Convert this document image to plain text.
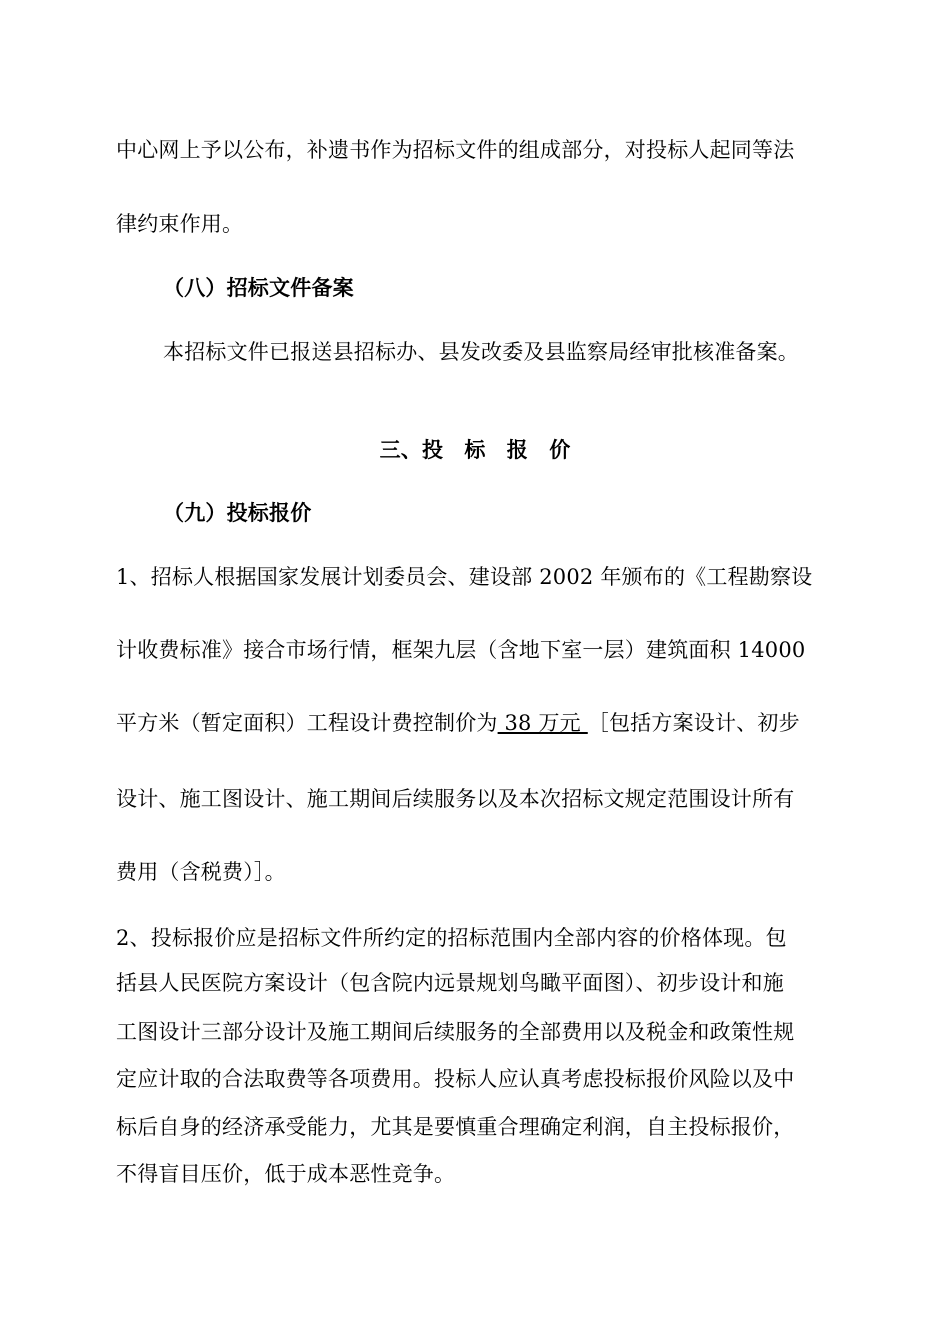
中心网上予以公布，补遗书作为招标文件的组成部分，对投标人起同等法
律约束作用。
（八）招标文件备案
本招标文件已报送县招标办、县发改委及县监察局经审批核准备案。
三、投　标　报　价
（九）投标报价
1、招标人根据国家发展计划委员会、建设部 2002 年颁布的《工程勘察设
计收费标准》接合市场行情，框架九层（含地下室一层）建筑面积 14000
平方米（暂定面积）工程设计费控制价为 38 万元 ［包括方案设计、初步
设计、施工图设计、施工期间后续服务以及本次招标文规定范围设计所有
费用（含税费）］。
2、投标报价应是招标文件所约定的招标范围内全部内容的价格体现。包
括县人民医院方案设计（包含院内远景规划鸟瞰平面图）、初步设计和施
工图设计三部分设计及施工期间后续服务的全部费用以及税金和政策性规
定应计取的合法取费等各项费用。投标人应认真考虑投标报价风险以及中
标后自身的经济承受能力，尤其是要慎重合理确定利润，自主投标报价，
不得盲目压价，低于成本恶性竞争。
